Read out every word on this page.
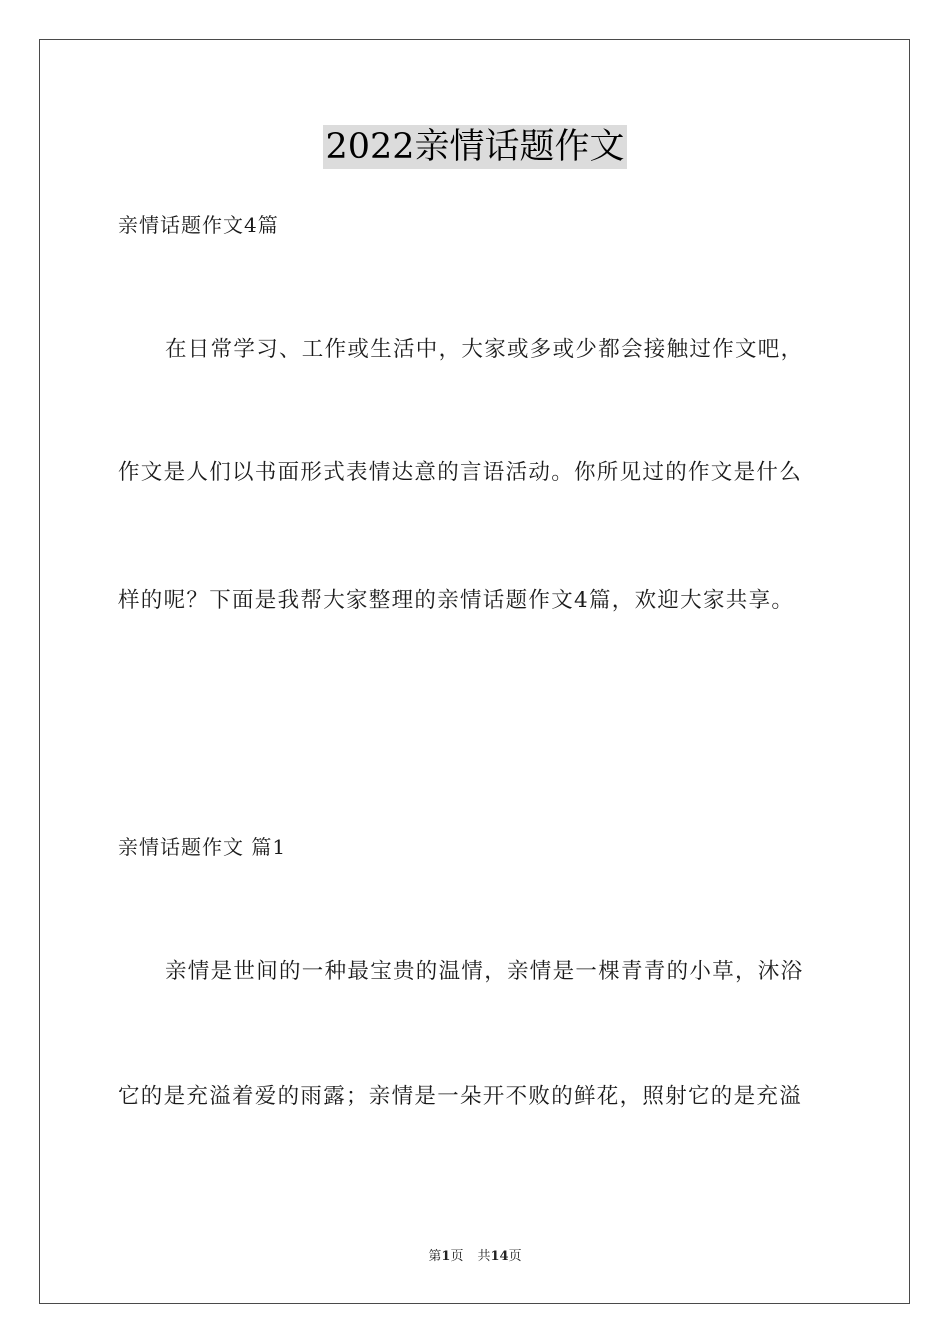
2022亲情话题作文
亲情话题作文4篇
在日常学习、工作或生活中，大家或多或少都会接触过作文吧，
作文是人们以书面形式表情达意的言语活动。你所见过的作文是什么
样的呢？下面是我帮大家整理的亲情话题作文4篇，欢迎大家共享。
亲情话题作文 篇1
亲情是世间的一种最宝贵的温情，亲情是一棵青青的小草，沐浴
它的是充溢着爱的雨露；亲情是一朵开不败的鲜花，照射它的是充溢
第1页 共14页
